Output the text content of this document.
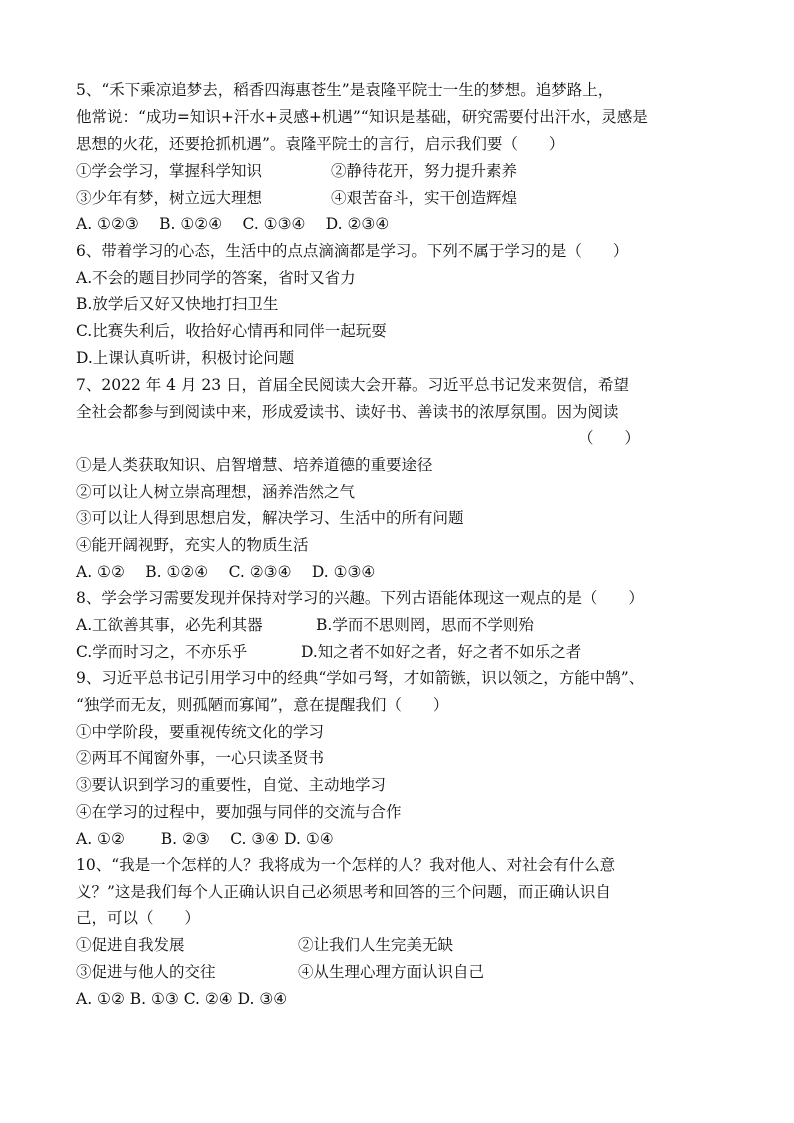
5、“禾下乘凉追梦去，稻香四海惠苍生”是袁隆平院士一生的梦想。追梦路上，
他常说：“成功=知识+汗水+灵感+机遇”“知识是基础，研究需要付出汗水，灵感是
思想的火花，还要抢抓机遇”。袁隆平院士的言行，启示我们要（　　）
①学会学习，掌握科学知识	②静待花开，努力提升素养
③少年有梦，树立远大理想	④艰苦奋斗，实干创造辉煌
A. ①②③　 B. ①②④　 C. ①③④　 D. ②③④
6、带着学习的心态，生活中的点点滴滴都是学习。下列不属于学习的是（　　）
A.不会的题目抄同学的答案，省时又省力
B.放学后又好又快地打扫卫生
C.比赛失利后，收拾好心情再和同伴一起玩耍
D.上课认真听讲，积极讨论问题
7、2022 年 4 月 23 日，首届全民阅读大会开幕。习近平总书记发来贺信，希望
全社会都参与到阅读中来，形成爱读书、读好书、善读书的浓厚氛围。因为阅读
（　　）
①是人类获取知识、启智增慧、培养道德的重要途径
②可以让人树立崇高理想，涵养浩然之气
③可以让人得到思想启发，解决学习、生活中的所有问题
④能开阔视野，充实人的物质生活
A. ①②　 B. ①②④　 C. ②③④　 D. ①③④
8、学会学习需要发现并保持对学习的兴趣。下列古语能体现这一观点的是（　　）
A.工欲善其事，必先利其器	B.学而不思则罔，思而不学则殆
C.学而时习之，不亦乐乎	D.知之者不如好之者，好之者不如乐之者
9、习近平总书记引用学习中的经典“学如弓弩，才如箭镞，识以领之，方能中鹄”、
“独学而无友，则孤陋而寡闻”，意在提醒我们（　　）
①中学阶段，要重视传统文化的学习
②两耳不闻窗外事，一心只读圣贤书
③要认识到学习的重要性，自觉、主动地学习
④在学习的过程中，要加强与同伴的交流与合作
A. ①②　　 B. ②③　 C. ③④ D. ①④
10、“我是一个怎样的人？我将成为一个怎样的人？我对他人、对社会有什么意
义？”这是我们每个人正确认识自己必须思考和回答的三个问题，而正确认识自
己，可以（　　）
①促进自我发展	②让我们人生完美无缺
③促进与他人的交往	④从生理心理方面认识自己
A. ①② B. ①③ C. ②④ D. ③④
